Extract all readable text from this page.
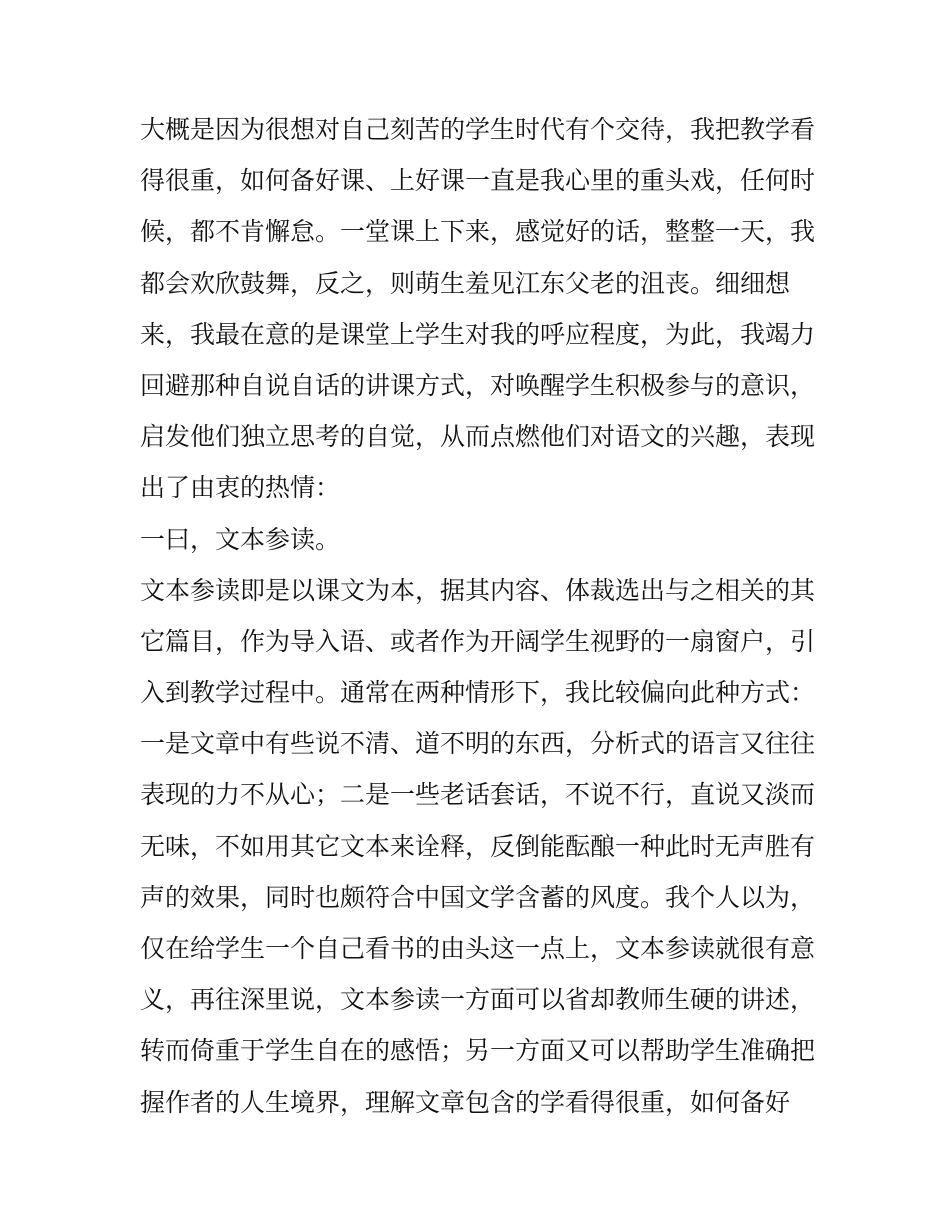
大概是因为很想对自己刻苦的学生时代有个交待，我把教学看
得很重，如何备好课、上好课一直是我心里的重头戏，任何时
候，都不肯懈怠。一堂课上下来，感觉好的话，整整一天，我
都会欢欣鼓舞，反之，则萌生羞见江东父老的沮丧。细细想
来，我最在意的是课堂上学生对我的呼应程度，为此，我竭力
回避那种自说自话的讲课方式，对唤醒学生积极参与的意识，
启发他们独立思考的自觉，从而点燃他们对语文的兴趣，表现
出了由衷的热情：
一曰，文本参读。
文本参读即是以课文为本，据其内容、体裁选出与之相关的其
它篇目，作为导入语、或者作为开阔学生视野的一扇窗户，引
入到教学过程中。通常在两种情形下，我比较偏向此种方式：
一是文章中有些说不清、道不明的东西，分析式的语言又往往
表现的力不从心；二是一些老话套话，不说不行，直说又淡而
无味，不如用其它文本来诠释，反倒能酝酿一种此时无声胜有
声的效果，同时也颇符合中国文学含蓄的风度。我个人以为，
仅在给学生一个自己看书的由头这一点上，文本参读就很有意
义，再往深里说，文本参读一方面可以省却教师生硬的讲述，
转而倚重于学生自在的感悟；另一方面又可以帮助学生准确把
握作者的人生境界，理解文章包含的学看得很重，如何备好
